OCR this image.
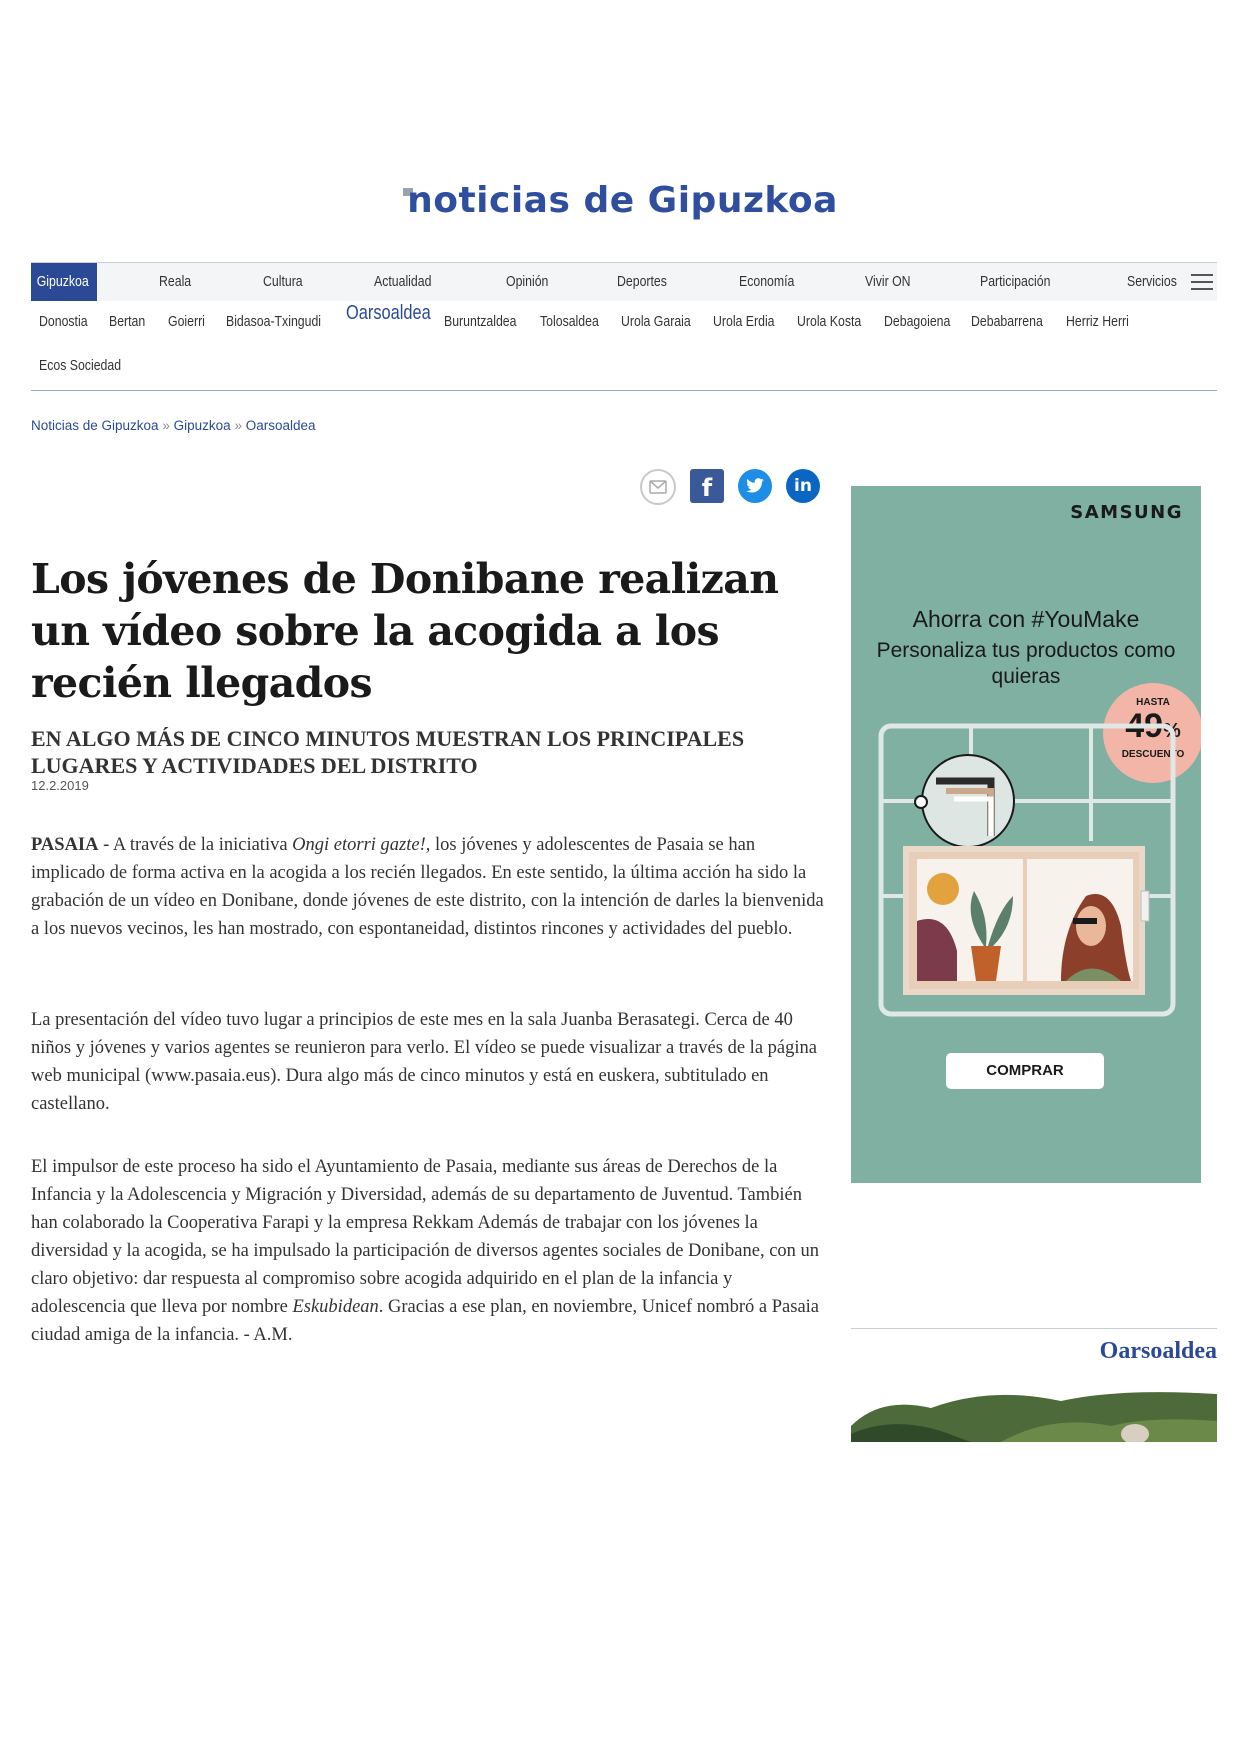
noticias de Gipuzkoa
Gipuzkoa	Reala	Cultura	Actualidad	Opinión	Deportes	Economía	Vivir ON	Participación	Servicios
Donostia Bertan Goierri Bidasoa-Txingudi Oarsoaldea Buruntzaldea Tolosaldea Urola Garaia Urola Erdia Urola Kosta Debagoiena Debabarrena Herriz Herri
Ecos Sociedad
Noticias de Gipuzkoa » Gipuzkoa » Oarsoaldea
f	in
Los jóvenes de Donibane realizan un vídeo sobre la acogida a los recién llegados
EN ALGO MÁS DE CINCO MINUTOS MUESTRAN LOS PRINCIPALES LUGARES Y ACTIVIDADES DEL DISTRITO
12.2.2019

PASAIA - A través de la iniciativa Ongi etorri gazte!, los jóvenes y adolescentes de Pasaia se han implicado de forma activa en la acogida a los recién llegados. En este sentido, la última acción ha sido la grabación de un vídeo en Donibane, donde jóvenes de este distrito, con la intención de darles la bienvenida a los nuevos vecinos, les han mostrado, con espontaneidad, distintos rincones y actividades del pueblo.

La presentación del vídeo tuvo lugar a principios de este mes en la sala Juanba Berasategi. Cerca de 40 niños y jóvenes y varios agentes se reunieron para verlo. El vídeo se puede visualizar a través de la página web municipal (www.pasaia.eus). Dura algo más de cinco minutos y está en euskera, subtitulado en castellano.

El impulsor de este proceso ha sido el Ayuntamiento de Pasaia, mediante sus áreas de Derechos de la Infancia y la Adolescencia y Migración y Diversidad, además de su departamento de Juventud. También han colaborado la Cooperativa Farapi y la empresa Rekkam Además de trabajar con los jóvenes la diversidad y la acogida, se ha impulsado la participación de diversos agentes sociales de Donibane, con un claro objetivo: dar respuesta al compromiso sobre acogida adquirido en el plan de la infancia y adolescencia que lleva por nombre Eskubidean. Gracias a ese plan, en noviembre, Unicef nombró a Pasaia ciudad amiga de la infancia. - A.M.

SAMSUNG
Ahorra con #YouMake
Personaliza tus productos como quieras
HASTA
49%
DESCUENTO
COMPRAR
Oarsoaldea
